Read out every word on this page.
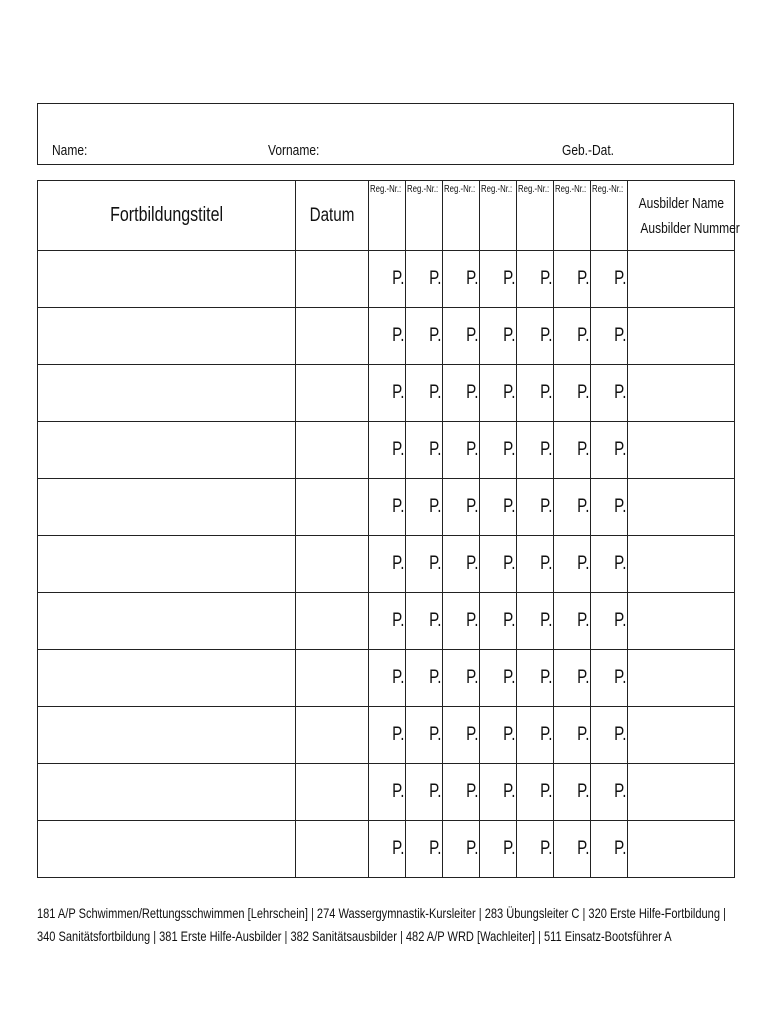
Name:	Vorname:	Geb.-Dat.
Fortbildungstitel	Datum	Reg.-Nr.:	Reg.-Nr.:	Reg.-Nr.:	Reg.-Nr.:	Reg.-Nr.:	Reg.-Nr.:	Reg.-Nr.:	Ausbilder Name
Ausbilder Nummer
		P.	P.	P.	P.	P.	P.	P.	
		P.	P.	P.	P.	P.	P.	P.	
		P.	P.	P.	P.	P.	P.	P.	
		P.	P.	P.	P.	P.	P.	P.	
		P.	P.	P.	P.	P.	P.	P.	
		P.	P.	P.	P.	P.	P.	P.	
		P.	P.	P.	P.	P.	P.	P.	
		P.	P.	P.	P.	P.	P.	P.	
		P.	P.	P.	P.	P.	P.	P.	
		P.	P.	P.	P.	P.	P.	P.	
		P.	P.	P.	P.	P.	P.	P.	
181 A/P Schwimmen/Rettungsschwimmen [Lehrschein] | 274 Wassergymnastik-Kursleiter | 283 Übungsleiter C | 320 Erste Hilfe-Fortbildung |
340 Sanitätsfortbildung | 381 Erste Hilfe-Ausbilder | 382 Sanitätsausbilder | 482 A/P WRD [Wachleiter] | 511 Einsatz-Bootsführer A
